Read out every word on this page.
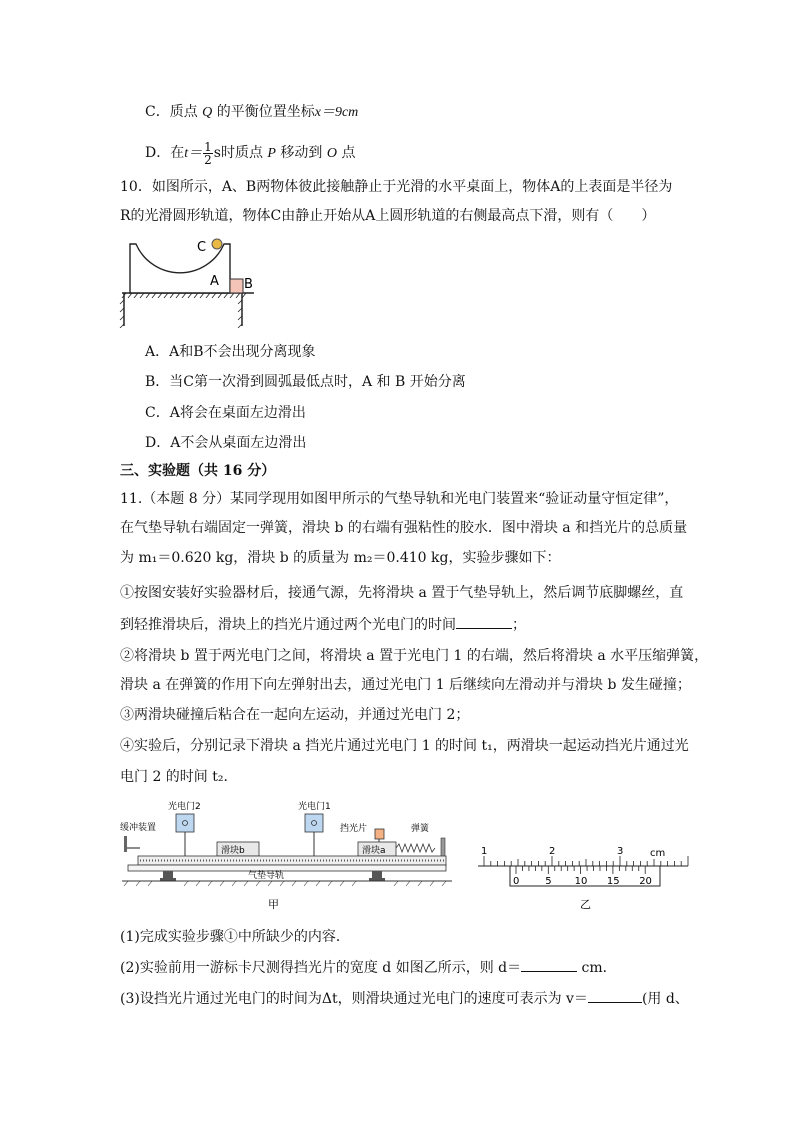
C．质点 Q 的平衡位置坐标x＝9cm
D．在$t= \frac{1}{2}$ s时质点 P 移动到 O 点
10．如图所示，A、B两物体彼此接触静止于光滑的水平桌面上，物体A的上表面是半径为
R的光滑圆形轨道，物体C由静止开始从A上圆形轨道的右侧最高点下滑，则有（　　）
C
A B
A．A和B不会出现分离现象
B．当C第一次滑到圆弧最低点时，A 和 B 开始分离
C．A将会在桌面左边滑出
D．A不会从桌面左边滑出
三、实验题（共 16 分）
11.（本题 8 分）某同学现用如图甲所示的气垫导轨和光电门装置来“验证动量守恒定律”，
在气垫导轨右端固定一弹簧，滑块 b 的右端有强粘性的胶水．图中滑块 a 和挡光片的总质量
为 m₁＝0.620 kg，滑块 b 的质量为 m₂＝0.410 kg，实验步骤如下：
①按图安装好实验器材后，接通气源，先将滑块 a 置于气垫导轨上，然后调节底脚螺丝，直
到轻推滑块后，滑块上的挡光片通过两个光电门的时间	；
②将滑块 b 置于两光电门之间，将滑块 a 置于光电门 1 的右端，然后将滑块 a 水平压缩弹簧，
滑块 a 在弹簧的作用下向左弹射出去，通过光电门 1 后继续向左滑动并与滑块 b 发生碰撞；
③两滑块碰撞后粘合在一起向左运动，并通过光电门 2；
④实验后，分别记录下滑块 a 挡光片通过光电门 1 的时间 t₁，两滑块一起运动挡光片通过光
电门 2 的时间 t₂．
缓冲装置
光电门2	光电门1
挡光片	弹簧
滑块b	滑块a
气垫导轨
甲
1	2	3
0	5 10 15 20
cm
乙
(1)完成实验步骤①中所缺少的内容．
(2)实验前用一游标卡尺测得挡光片的宽度 d 如图乙所示，则 d＝	cm．
(3)设挡光片通过光电门的时间为Δt，则滑块通过光电门的速度可表示为 v＝	(用 d、
